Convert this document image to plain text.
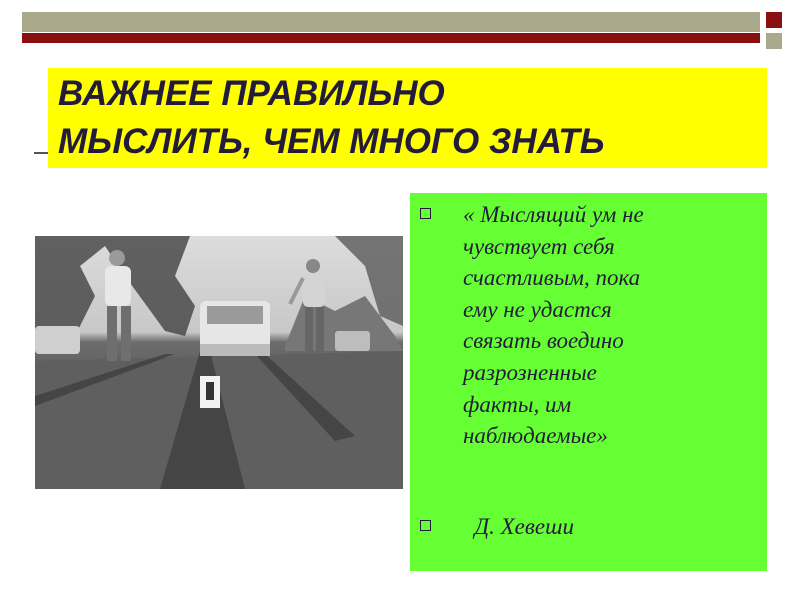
ВАЖНЕЕ ПРАВИЛЬНО
МЫСЛИТЬ, ЧЕМ МНОГО ЗНАТЬ
« Мыслящий ум не
чувствует себя
счастливым, пока
ему не удастся
связать воедино
разрозненные
факты, им
наблюдаемые»
Д. Хевеши
